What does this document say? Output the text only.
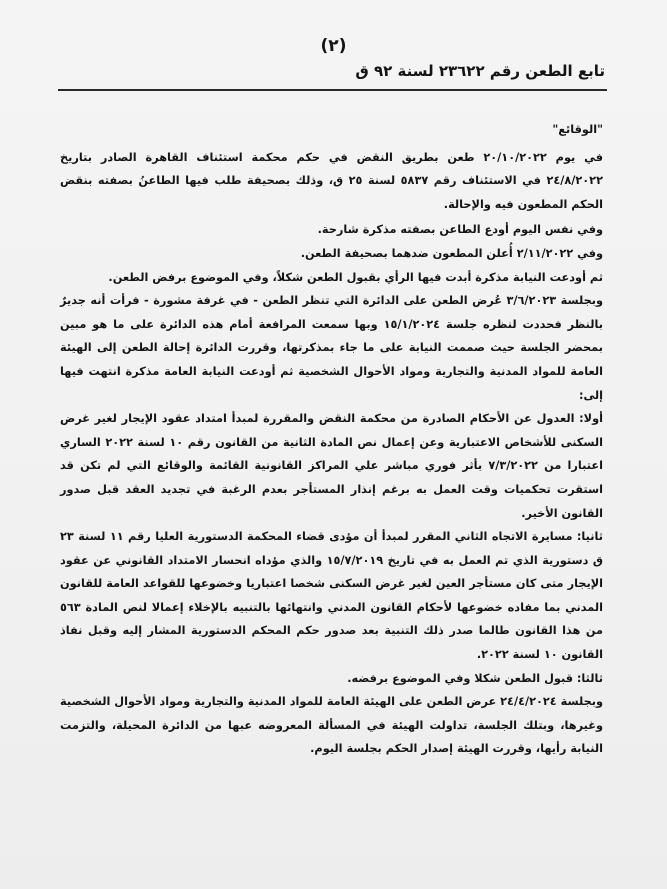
(٢)
تابع الطعن رقم ٢٣٦٢٢ لسنة ٩٢ ق
"الوقائع"

في يوم ٢٠/١٠/٢٠٢٢ طعن بطريق النقض في حكم محكمة استئناف القاهرة الصادر بتاريخ ٢٤/٨/٢٠٢٢ في الاستئناف رقم ٥٨٣٧ لسنة ٢٥ ق، وذلك بصحيفة طلب فيها الطاعنُ بصفته بنقض الحكم المطعون فيه والإحالة.

وفي نفس اليوم أودع الطاعن بصفته مذكرة شارحة.

وفي ٢/١١/٢٠٢٢ أُعلن المطعون ضدهما بصحيفة الطعن.

ثم أودعت النيابة مذكرة أبدت فيها الرأي بقبول الطعن شكلاً، وفي الموضوع برفض الطعن.

وبجلسة ٣/٦/٢٠٢٣ عُرض الطعن على الدائرة التي تنظر الطعن - في غرفة مشورة - فرأت أنه جديرٌ بالنظر فحددت لنظره جلسة ١٥/١/٢٠٢٤ وبها سمعت المرافعة أمام هذه الدائرة على ما هو مبين بمحضر الجلسة حيث صممت النيابة على ما جاء بمذكرتها، وقررت الدائرة إحالة الطعن إلى الهيئة العامة للمواد المدنية والتجارية ومواد الأحوال الشخصية ثم أودعت النيابة العامة مذكرة انتهت فيها إلى:

أولا: العدول عن الأحكام الصادرة من محكمة النقض والمقررة لمبدأ امتداد عقود الإيجار لغير غرض السكنى للأشخاص الاعتبارية وعن إعمال نص المادة الثانية من القانون رقم ١٠ لسنة ٢٠٢٢ الساري اعتبارا من ٧/٣/٢٠٢٢ بأثر فوري مباشر علي المراكز القانونية القائمة والوقائع التي لم تكن قد استقرت تحكميات وقت العمل به برغم إنذار المستأجر بعدم الرغبة في تجديد العقد قبل صدور القانون الأخير.

ثانيا: مسايرة الاتجاه الثاني المقرر لمبدأ أن مؤدى قضاء المحكمة الدستورية العليا رقم ١١ لسنة ٢٣ ق دستورية الذي تم العمل به في تاريخ ١٥/٧/٢٠١٩ والذي مؤداه انحسار الامتداد القانوني عن عقود الإيجار متى كان مستأجر العين لغير غرض السكنى شخصا اعتباريا وخضوعها للقواعد العامة للقانون المدني بما مفاده خضوعها لأحكام القانون المدني وانتهائها بالتنبيه بالإخلاء إعمالا لنص المادة ٥٦٣ من هذا القانون طالما صدر ذلك التنبية بعد صدور حكم المحكم الدستورية المشار إليه وقبل نفاذ القانون ١٠ لسنة ٢٠٢٢.

ثالثا: قبول الطعن شكلا وفي الموضوع برفضه.

وبجلسة ٢٤/٤/٢٠٢٤ عرض الطعن على الهيئة العامة للمواد المدنية والتجارية ومواد الأحوال الشخصية وغيرها، وبتلك الجلسة، تداولت الهيئة في المسألة المعروضه عبها من الدائرة المحيلة، والتزمت النيابة رأيها، وقررت الهيئة إصدار الحكم بجلسة اليوم.
